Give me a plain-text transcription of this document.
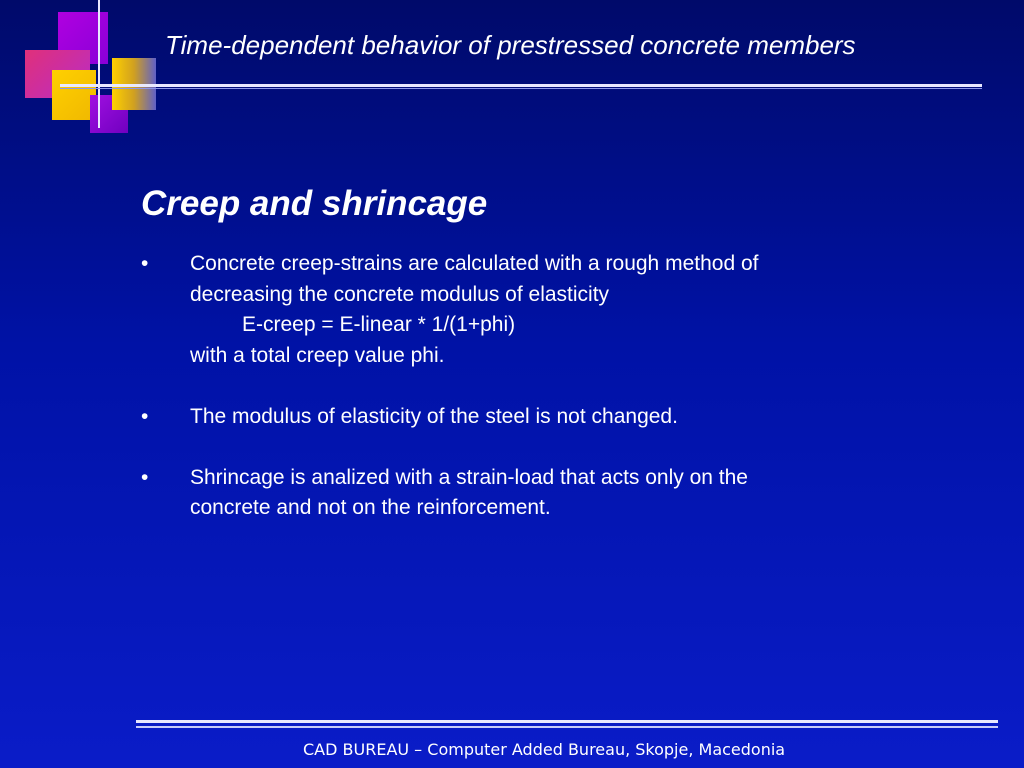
Time-dependent behavior of prestressed concrete members
Creep and shrincage
• Concrete creep-strains are calculated with a rough method of
decreasing the concrete modulus of elasticity
E-creep = E-linear * 1/(1+phi)
with a total creep value phi.
• The modulus of elasticity of the steel is not changed.
• Shrincage is analized with a strain-load that acts only on the
concrete and not on the reinforcement.
CAD BUREAU – Computer Added Bureau, Skopje, Macedonia
